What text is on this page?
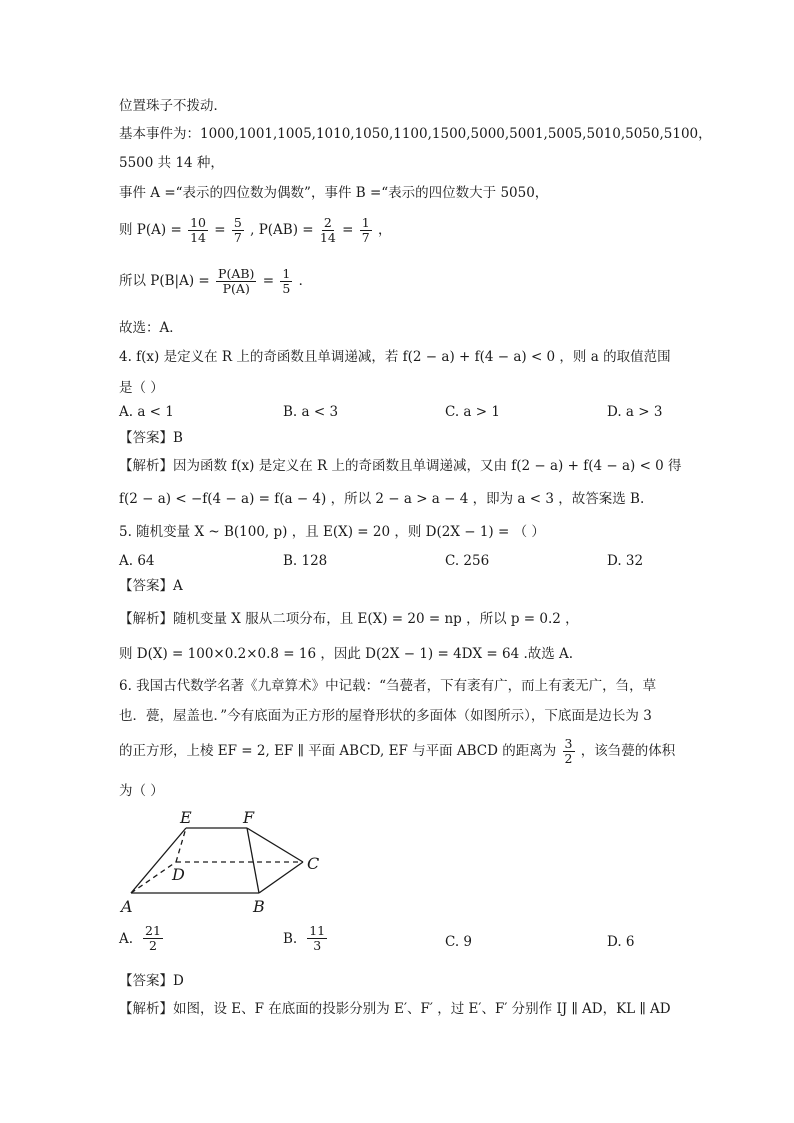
位置珠子不拨动．
基本事件为：1000,1001,1005,1010,1050,1100,1500,5000,5001,5005,5010,5050,5100，
5500 共 14 种，
事件 A =“表示的四位数为偶数”，事件 B =“表示的四位数大于 5050，
则 $P(A) = \frac{10}{14} = \frac{5}{7}$ , $P(AB) = \frac{2}{14} = \frac{1}{7}$ ，
所以 $P(B|A) = \frac{P(AB)}{P(A)} = \frac{1}{5}$ ．
故选：A．
4. f(x) 是定义在 R 上的奇函数且单调递减，若 f(2 − a) + f(4 − a) < 0 ，则 a 的取值范围
是（ ）
A. a < 1	B. a < 3	C. a > 1	D. a > 3
【答案】B
【解析】因为函数 f(x) 是定义在 R 上的奇函数且单调递减，又由 f(2 − a) + f(4 − a) < 0 得
f(2 − a) < −f(4 − a) = f(a − 4) ，所以 2 − a > a − 4 ，即为 a < 3 ，故答案选 B.
5. 随机变量 X ~ B(100, p) ，且 E(X) = 20 ，则 D(2X − 1) = （ ）
A. 64	B. 128	C. 256	D. 32
【答案】A
【解析】随机变量 X 服从二项分布，且 E(X) = 20 = np ，所以 p = 0.2 ，
则 D(X) = 100×0.2×0.8 = 16 ，因此 D(2X − 1) = 4DX = 64 .故选 A.
6. 我国古代数学名著《九章算术》中记载：“刍甍者，下有袤有广，而上有袤无广，刍，草
也．甍，屋盖也．”今有底面为正方形的屋脊形状的多面体（如图所示），下底面是边长为 3
的正方形，上棱 EF = 2, EF ∥ 平面 ABCD, EF 与平面 ABCD 的距离为 $\frac{3}{2}$ ，该刍甍的体积
为（ ）
E	F
C
D
A	B
A. $\frac{21}{2}$	B. $\frac{11}{3}$	C. 9	D. 6
【答案】D
【解析】如图，设 E、F 在底面的投影分别为 E′、F′ ，过 E′、F′ 分别作 IJ ∥ AD，KL ∥ AD
